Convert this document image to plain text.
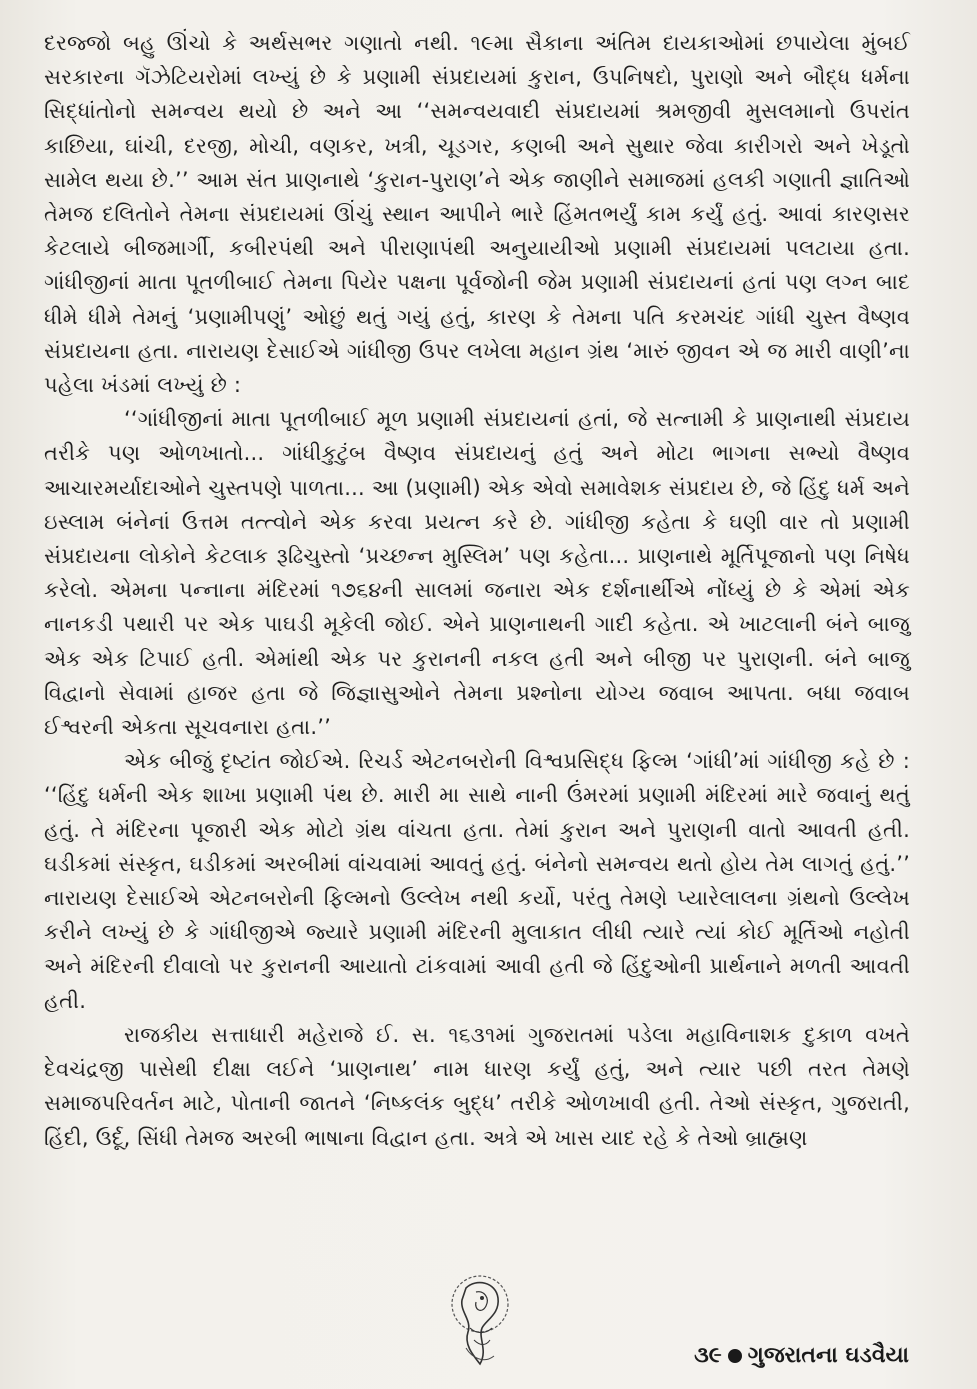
દરજ્જો બહુ ઊંચો કે અર્થસભર ગણાતો નથી. ૧૯મા સૈકાના અંતિમ દાયકાઓમાં છપાયેલા મુંબઈ સરકારના ગૅઝેટિયરોમાં લખ્યું છે કે પ્રણામી સંપ્રદાયમાં કુરાન, ઉપનિષદો, પુરાણો અને બૌદ્ધ ધર્મના સિદ્ધાંતોનો સમન્વય થયો છે અને આ ‘‘સમન્વયવાદી સંપ્રદાયમાં શ્રમજીવી મુસલમાનો ઉપરાંત કાછિયા, ઘાંચી, દરજી, મોચી, વણકર, ખત્રી, ચૂડગર, કણબી અને સુથાર જેવા કારીગરો અને ખેડૂતો સામેલ થયા છે.’’ આમ સંત પ્રાણનાથે ‘કુરાન-પુરાણ’ને એક જાણીને સમાજમાં હલકી ગણાતી જ્ઞાતિઓ તેમજ દલિતોને તેમના સંપ્રદાયમાં ઊંચું સ્થાન આપીને ભારે હિંમતભર્યું કામ કર્યું હતું. આવાં કારણસર કેટલાયે બીજમાર્ગી, કબીરપંથી અને પીરાણાપંથી અનુયાયીઓ પ્રણામી સંપ્રદાયમાં પલટાયા હતા. ગાંધીજીનાં માતા પૂતળીબાઈ તેમના પિયેર પક્ષના પૂર્વજોની જેમ પ્રણામી સંપ્રદાયનાં હતાં પણ લગ્ન બાદ ધીમે ધીમે તેમનું ‘પ્રણામીપણું’ ઓછું થતું ગયું હતું, કારણ કે તેમના પતિ કરમચંદ ગાંધી ચુસ્ત વૈષ્ણવ સંપ્રદાયના હતા. નારાયણ દેસાઈએ ગાંધીજી ઉપર લખેલા મહાન ગ્રંથ ‘મારું જીવન એ જ મારી વાણી’ના પહેલા ખંડમાં લખ્યું છે :

‘‘ગાંધીજીનાં માતા પૂતળીબાઈ મૂળ પ્રણામી સંપ્રદાયનાં હતાં, જે સત્નામી કે પ્રાણનાથી સંપ્રદાય તરીકે પણ ઓળખાતો... ગાંધીકુટુંબ વૈષ્ણવ સંપ્રદાયનું હતું અને મોટા ભાગના સભ્યો વૈષ્ણવ આચારમર્યાદાઓને ચુસ્તપણે પાળતા... આ (પ્રણામી) એક એવો સમાવેશક સંપ્રદાય છે, જે હિંદુ ધર્મ અને ઇસ્લામ બંનેનાં ઉત્તમ તત્ત્વોને એક કરવા પ્રયત્ન કરે છે. ગાંધીજી કહેતા કે ઘણી વાર તો પ્રણામી સંપ્રદાયના લોકોને કેટલાક રૂઢિચુસ્તો ‘પ્રચ્છન્ન મુસ્લિમ’ પણ કહેતા... પ્રાણનાથે મૂર્તિપૂજાનો પણ નિષેધ કરેલો. એમના પન્નાના મંદિરમાં ૧૭૬૪ની સાલમાં જનારા એક દર્શનાર્થીએ નોંધ્યું છે કે એમાં એક નાનકડી પથારી પર એક પાઘડી મૂકેલી જોઈ. એને પ્રાણનાથની ગાદી કહેતા. એ ખાટલાની બંને બાજુ એક એક ટિપાઈ હતી. એમાંથી એક પર કુરાનની નકલ હતી અને બીજી પર પુરાણની. બંને બાજુ વિદ્વાનો સેવામાં હાજર હતા જે જિજ્ઞાસુઓને તેમના પ્રશ્નોના યોગ્ય જવાબ આપતા. બધા જવાબ ઈશ્વરની એકતા સૂચવનારા હતા.’’

એક બીજું દૃષ્ટાંત જોઈએ. રિચર્ડ એટનબરોની વિશ્વપ્રસિદ્ધ ફિલ્મ ‘ગાંધી’માં ગાંધીજી કહે છે : ‘‘હિંદુ ધર્મની એક શાખા પ્રણામી પંથ છે. મારી મા સાથે નાની ઉંમરમાં પ્રણામી મંદિરમાં મારે જવાનું થતું હતું. તે મંદિરના પૂજારી એક મોટો ગ્રંથ વાંચતા હતા. તેમાં કુરાન અને પુરાણની વાતો આવતી હતી. ઘડીકમાં સંસ્કૃત, ઘડીકમાં અરબીમાં વાંચવામાં આવતું હતું. બંનેનો સમન્વય થતો હોય તેમ લાગતું હતું.’’ નારાયણ દેસાઈએ એટનબરોની ફિલ્મનો ઉલ્લેખ નથી કર્યો, પરંતુ તેમણે પ્યારેલાલના ગ્રંથનો ઉલ્લેખ કરીને લખ્યું છે કે ગાંધીજીએ જ્યારે પ્રણામી મંદિરની મુલાકાત લીધી ત્યારે ત્યાં કોઈ મૂર્તિઓ નહોતી અને મંદિરની દીવાલો પર કુરાનની આયાતો ટાંકવામાં આવી હતી જે હિંદુઓની પ્રાર્થનાને મળતી આવતી હતી.

રાજકીય સત્તાધારી મહેરાજે ઈ. સ. ૧૬૩૧માં ગુજરાતમાં પડેલા મહાવિનાશક દુકાળ વખતે દેવચંદ્રજી પાસેથી દીક્ષા લઈને ‘પ્રાણનાથ’ નામ ધારણ કર્યું હતું, અને ત્યાર પછી તરત તેમણે સમાજપરિવર્તન માટે, પોતાની જાતને ‘નિષ્કલંક બુદ્ધ’ તરીકે ઓળખાવી હતી. તેઓ સંસ્કૃત, ગુજરાતી, હિંદી, ઉર્દૂ, સિંધી તેમજ અરબી ભાષાના વિદ્વાન હતા. અત્રે એ ખાસ યાદ રહે કે તેઓ બ્રાહ્મણ

૩૯ ગુજરાતના ઘડવૈયા
